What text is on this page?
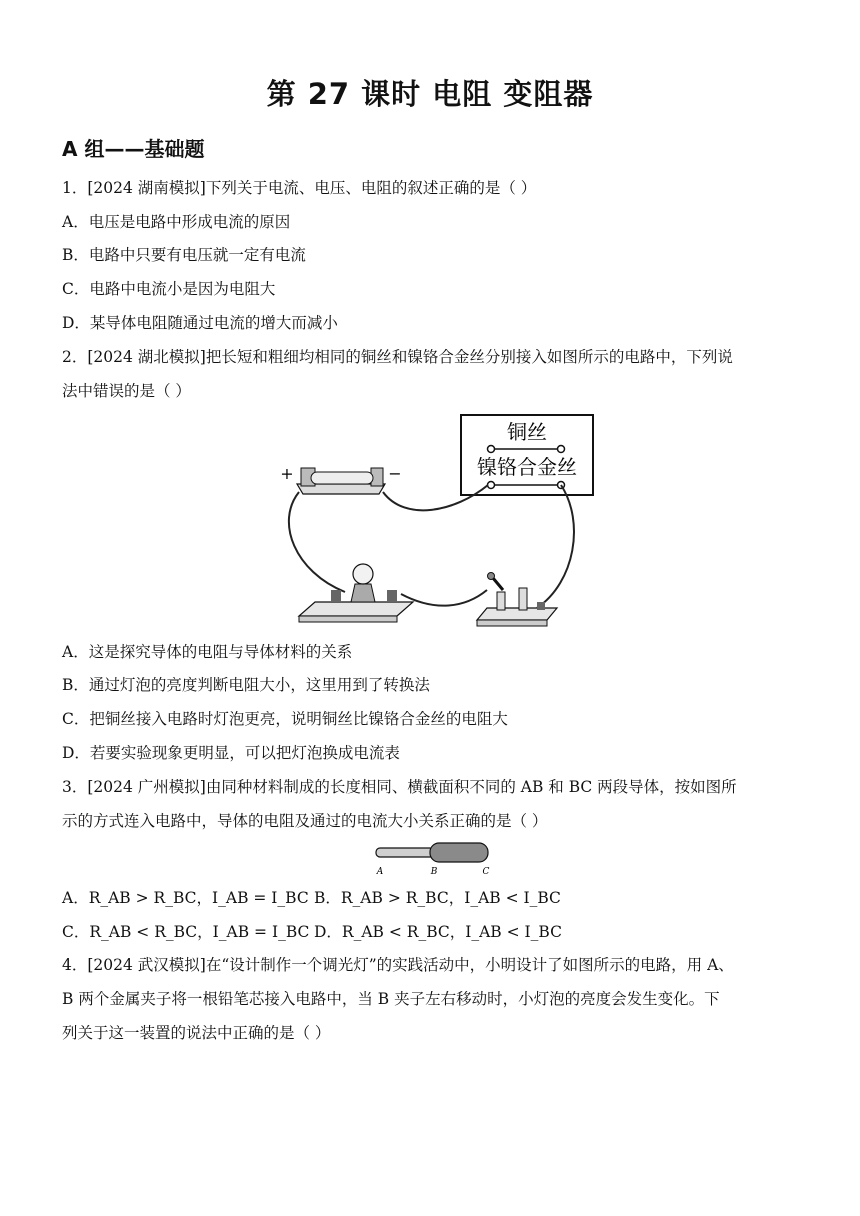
第 27 课时 电阻 变阻器
A 组——基础题
1．[2024 湖南模拟]下列关于电流、电压、电阻的叙述正确的是（ ）
A．电压是电路中形成电流的原因
B．电路中只要有电压就一定有电流
C．电路中电流小是因为电阻大
D．某导体电阻随通过电流的增大而减小
2．[2024 湖北模拟]把长短和粗细均相同的铜丝和镍铬合金丝分别接入如图所示的电路中，下列说
法中错误的是（ ）
铜丝
镍铬合金丝
+	−
A．这是探究导体的电阻与导体材料的关系
B．通过灯泡的亮度判断电阻大小，这里用到了转换法
C．把铜丝接入电路时灯泡更亮，说明铜丝比镍铬合金丝的电阻大
D．若要实验现象更明显，可以把灯泡换成电流表
3．[2024 广州模拟]由同种材料制成的长度相同、横截面积不同的 AB 和 BC 两段导体，按如图所
示的方式连入电路中，导体的电阻及通过的电流大小关系正确的是（ ）
A	B	C
A．R_AB > R_BC，I_AB = I_BC B．R_AB > R_BC，I_AB < I_BC
C．R_AB < R_BC，I_AB = I_BC D．R_AB < R_BC，I_AB < I_BC
4．[2024 武汉模拟]在“设计制作一个调光灯”的实践活动中，小明设计了如图所示的电路，用 A、
B 两个金属夹子将一根铅笔芯接入电路中，当 B 夹子左右移动时，小灯泡的亮度会发生变化。下
列关于这一装置的说法中正确的是（ ）
